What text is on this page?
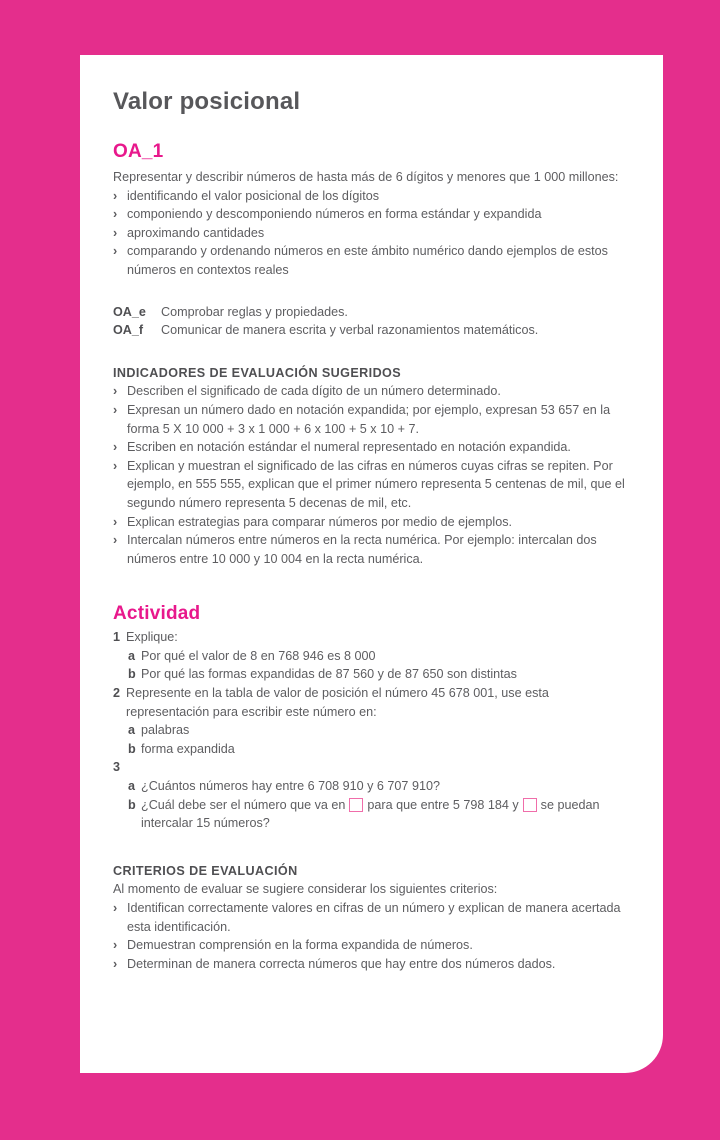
Valor posicional
OA_1

Representar y describir números de hasta más de 6 dígitos y menores que 1 000 millones:

› identificando el valor posicional de los dígitos
› componiendo y descomponiendo números en forma estándar y expandida
› aproximando cantidades
› comparando y ordenando números en este ámbito numérico dando ejemplos de estos números en contextos reales
OA_e	Comprobar reglas y propiedades.
OA_f	Comunicar de manera escrita y verbal razonamientos matemáticos.
INDICADORES DE EVALUACIÓN SUGERIDOS
› Describen el significado de cada dígito de un número determinado.
› Expresan un número dado en notación expandida; por ejemplo, expresan 53 657 en la forma 5 X 10 000 + 3 x 1 000 + 6 x 100 + 5 x 10 + 7.
› Escriben en notación estándar el numeral representado en notación expandida.
› Explican y muestran el significado de las cifras en números cuyas cifras se repiten. Por ejemplo, en 555 555, explican que el primer número representa 5 centenas de mil, que el segundo número representa 5 decenas de mil, etc.
› Explican estrategias para comparar números por medio de ejemplos.
› Intercalan números entre números en la recta numérica. Por ejemplo: intercalan dos números entre 10 000 y 10 004 en la recta numérica.
Actividad
1 Explique:
a Por qué el valor de 8 en 768 946 es 8 000
b Por qué las formas expandidas de 87 560 y de 87 650 son distintas
2 Represente en la tabla de valor de posición el número 45 678 001, use esta representación para escribir este número en:
a palabras
b forma expandida
3
a ¿Cuántos números hay entre 6 708 910 y 6 707 910?
b ¿Cuál debe ser el número que va en para que entre 5 798 184 y se puedan intercalar 15 números?
CRITERIOS DE EVALUACIÓN

Al momento de evaluar se sugiere considerar los siguientes criterios:

› Identifican correctamente valores en cifras de un número y explican de manera acertada esta identificación.
› Demuestran comprensión en la forma expandida de números.
› Determinan de manera correcta números que hay entre dos números dados.
